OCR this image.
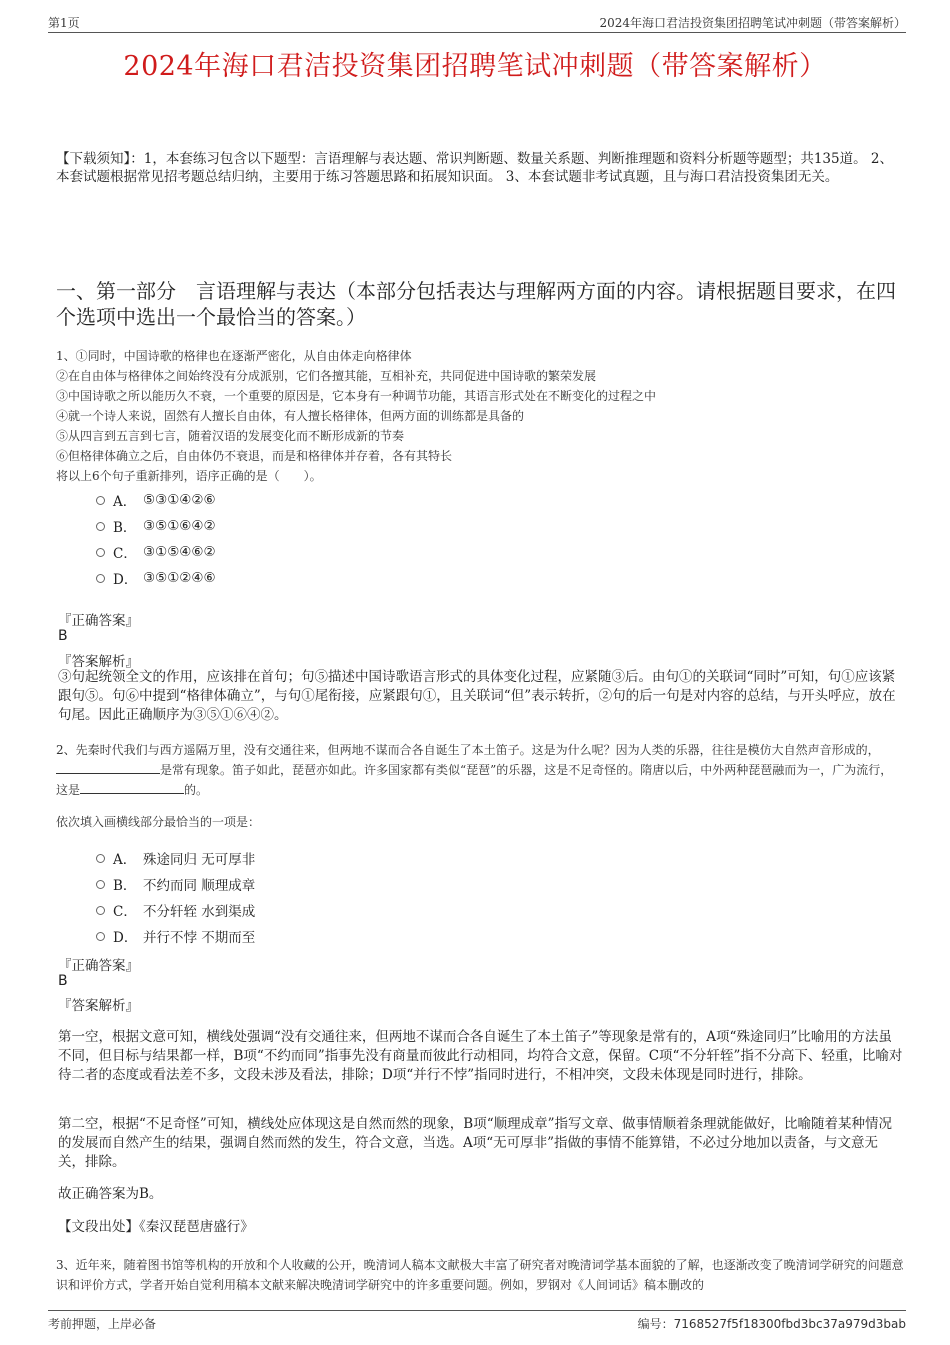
第1页	2024年海口君洁投资集团招聘笔试冲刺题（带答案解析）
2024年海口君洁投资集团招聘笔试冲刺题（带答案解析）
【下载须知】：1，本套练习包含以下题型：言语理解与表达题、常识判断题、数量关系题、判断推理题和资料分析题等题型；共135道。 2、本套试题根据常见招考题总结归纳，主要用于练习答题思路和拓展知识面。 3、本套试题非考试真题，且与海口君洁投资集团无关。
一、第一部分　言语理解与表达（本部分包括表达与理解两方面的内容。请根据题目要求，在四个选项中选出一个最恰当的答案。）
1、①同时，中国诗歌的格律也在逐渐严密化，从自由体走向格律体
②在自由体与格律体之间始终没有分成派别，它们各擅其能，互相补充，共同促进中国诗歌的繁荣发展
③中国诗歌之所以能历久不衰，一个重要的原因是，它本身有一种调节功能，其语言形式处在不断变化的过程之中
④就一个诗人来说，固然有人擅长自由体，有人擅长格律体，但两方面的训练都是具备的
⑤从四言到五言到七言，随着汉语的发展变化而不断形成新的节奏
⑥但格律体确立之后，自由体仍不衰退，而是和格律体并存着，各有其特长
将以上6个句子重新排列，语序正确的是（　　）。
A． ⑤③①④②⑥
B． ③⑤①⑥④②
C． ③①⑤④⑥②
D． ③⑤①②④⑥
『正确答案』
B
『答案解析』
③句起统领全文的作用，应该排在首句；句⑤描述中国诗歌语言形式的具体变化过程，应紧随③后。由句①的关联词“同时”可知，句①应该紧跟句⑤。句⑥中提到“格律体确立”，与句①尾衔接，应紧跟句①，且关联词“但”表示转折，②句的后一句是对内容的总结，与开头呼应，放在句尾。因此正确顺序为③⑤①⑥④②。
2、先秦时代我们与西方遥隔万里，没有交通往来，但两地不谋而合各自诞生了本土笛子。这是为什么呢？因为人类的乐器，往往是模仿大自然声音形成的，是常有现象。笛子如此，琵琶亦如此。许多国家都有类似“琵琶”的乐器，这是不足奇怪的。隋唐以后，中外两种琵琶融而为一，广为流行，这是	的。
依次填入画横线部分最恰当的一项是：
A． 殊途同归 无可厚非
B． 不约而同 顺理成章
C． 不分轩轾 水到渠成
D． 并行不悖 不期而至
『正确答案』
B
『答案解析』
第一空，根据文意可知，横线处强调“没有交通往来，但两地不谋而合各自诞生了本土笛子”等现象是常有的，A项“殊途同归”比喻用的方法虽不同，但目标与结果都一样，B项“不约而同”指事先没有商量而彼此行动相同，均符合文意，保留。C项“不分轩轾”指不分高下、轻重，比喻对待二者的态度或看法差不多，文段未涉及看法，排除；D项“并行不悖”指同时进行，不相冲突，文段未体现是同时进行，排除。
第二空，根据“不足奇怪”可知，横线处应体现这是自然而然的现象，B项“顺理成章”指写文章、做事情顺着条理就能做好，比喻随着某种情况的发展而自然产生的结果，强调自然而然的发生，符合文意，当选。A项“无可厚非”指做的事情不能算错，不必过分地加以责备，与文意无关，排除。
故正确答案为B。
【文段出处】《秦汉琵琶唐盛行》
3、近年来，随着图书馆等机构的开放和个人收藏的公开，晚清词人稿本文献极大丰富了研究者对晚清词学基本面貌的了解，也逐渐改变了晚清词学研究的问题意识和评价方式，学者开始自觉利用稿本文献来解决晚清词学研究中的许多重要问题。例如，罗钢对《人间词话》稿本删改的
考前押题，上岸必备	编号：7168527f5f18300fbd3bc37a979d3bab
